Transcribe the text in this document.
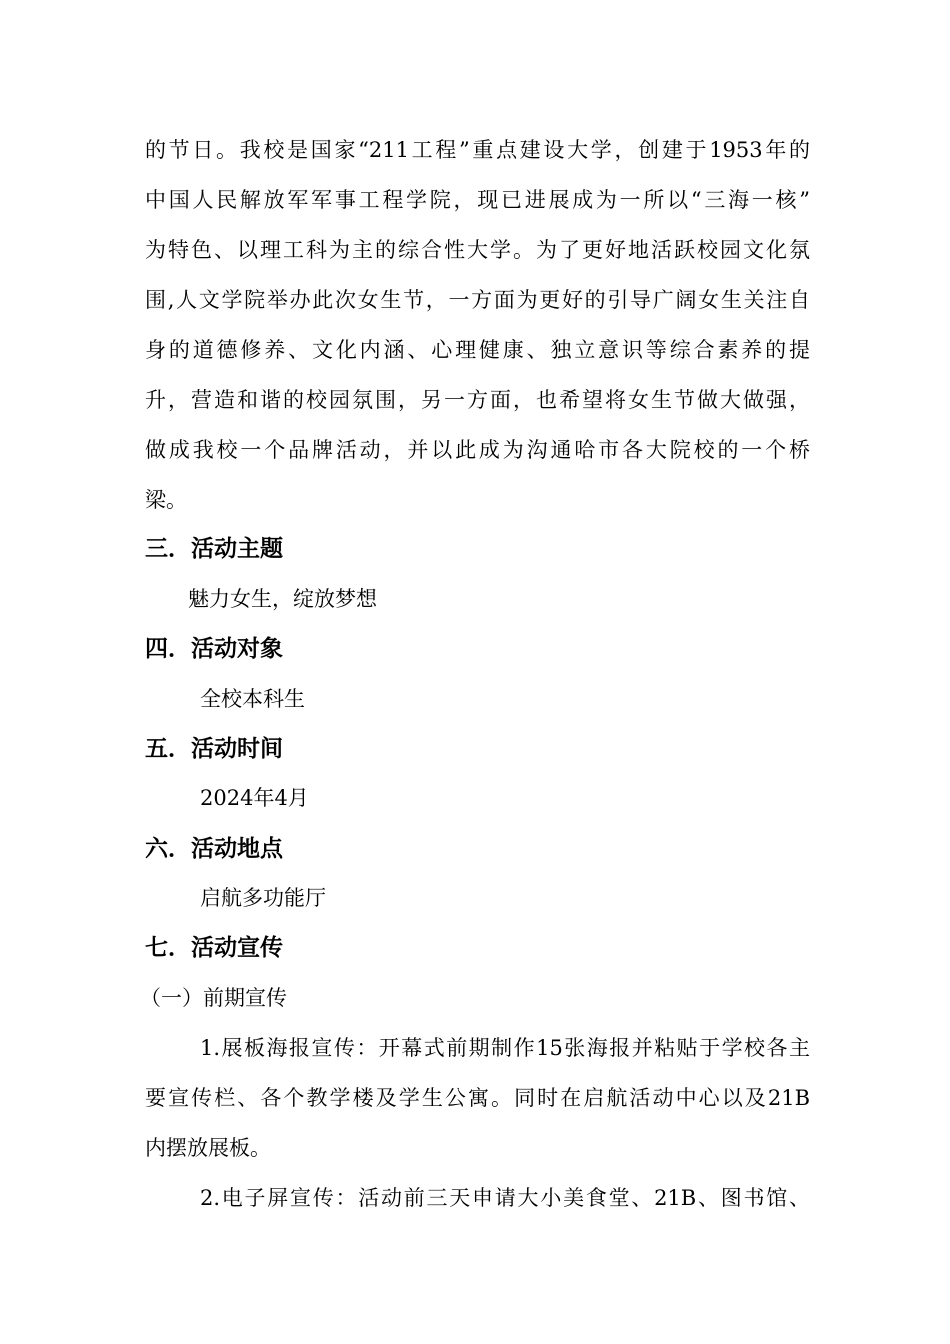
的节日。我校是国家“211工程”重点建设大学，创建于1953年的
中国人民解放军军事工程学院，现已进展成为一所以“三海一核”
为特色、以理工科为主的综合性大学。为了更好地活跃校园文化氛
围,人文学院举办此次女生节，一方面为更好的引导广阔女生关注自
身的道德修养、文化内涵、心理健康、独立意识等综合素养的提
升，营造和谐的校园氛围，另一方面，也希望将女生节做大做强，
做成我校一个品牌活动，并以此成为沟通哈市各大院校的一个桥
梁。
三．活动主题
魅力女生，绽放梦想
四．活动对象
全校本科生
五．活动时间
2024年4月
六．活动地点
启航多功能厅
七．活动宣传
（一）前期宣传
1.展板海报宣传：开幕式前期制作15张海报并粘贴于学校各主
要宣传栏、各个教学楼及学生公寓。同时在启航活动中心以及21B
内摆放展板。
2.电子屏宣传：活动前三天申请大小美食堂、21B、图书馆、
